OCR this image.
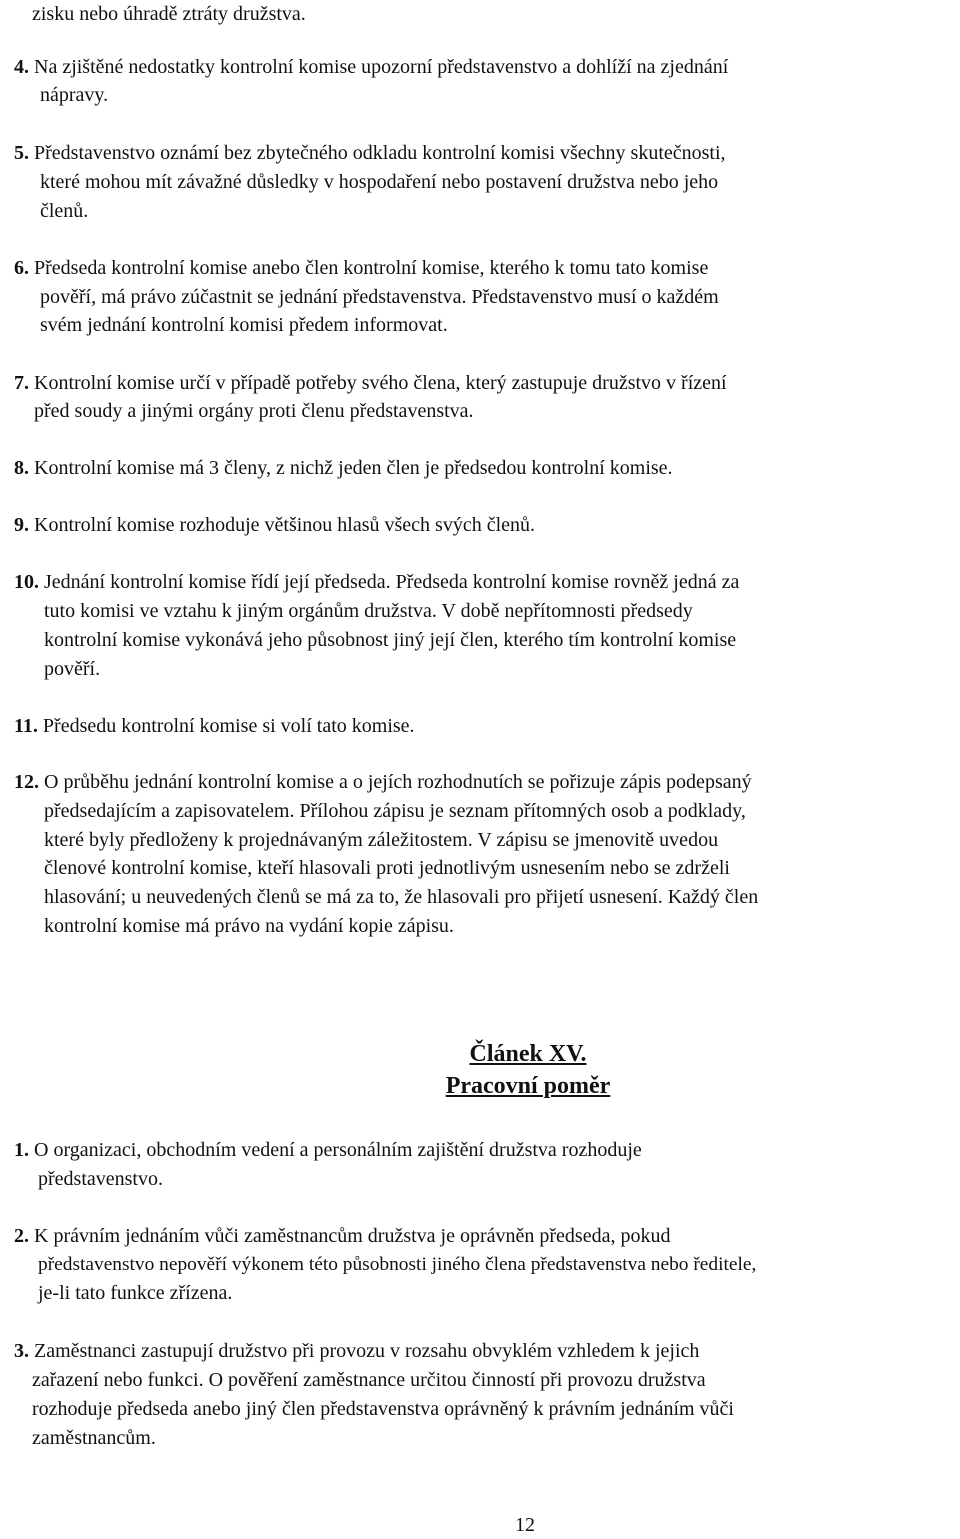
zisku nebo úhradě ztráty družstva.
4. Na zjištěné nedostatky kontrolní komise upozorní představenstvo a dohlíží na zjednání
nápravy.
5. Představenstvo oznámí bez zbytečného odkladu kontrolní komisi všechny skutečnosti,
které mohou mít závažné důsledky v hospodaření nebo postavení družstva nebo jeho
členů.
6. Předseda kontrolní komise anebo člen kontrolní komise, kterého k tomu tato komise
pověří, má právo zúčastnit se jednání představenstva. Představenstvo musí o každém
svém jednání kontrolní komisi předem informovat.
7. Kontrolní komise určí v případě potřeby svého člena, který zastupuje družstvo v řízení
před soudy a jinými orgány proti členu představenstva.
8. Kontrolní komise má 3 členy, z nichž jeden člen je předsedou kontrolní komise.
9. Kontrolní komise rozhoduje většinou hlasů všech svých členů.
10. Jednání kontrolní komise řídí její předseda. Předseda kontrolní komise rovněž jedná za
tuto komisi ve vztahu k jiným orgánům družstva. V době nepřítomnosti předsedy
kontrolní komise vykonává jeho působnost jiný její člen, kterého tím kontrolní komise
pověří.
11. Předsedu kontrolní komise si volí tato komise.
12. O průběhu jednání kontrolní komise a o jejích rozhodnutích se pořizuje zápis podepsaný
předsedajícím a zapisovatelem. Přílohou zápisu je seznam přítomných osob a podklady,
které byly předloženy k projednávaným záležitostem. V zápisu se jmenovitě uvedou
členové kontrolní komise, kteří hlasovali proti jednotlivým usnesením nebo se zdrželi
hlasování; u neuvedených členů se má za to, že hlasovali pro přijetí usnesení. Každý člen
kontrolní komise má právo na vydání kopie zápisu.
Článek XV.
Pracovní poměr
1. O organizaci, obchodním vedení a personálním zajištění družstva rozhoduje
představenstvo.
2. K právním jednáním vůči zaměstnancům družstva je oprávněn předseda, pokud
představenstvo nepověří výkonem této působnosti jiného člena představenstva nebo ředitele,
je-li tato funkce zřízena.
3. Zaměstnanci zastupují družstvo při provozu v rozsahu obvyklém vzhledem k jejich
zařazení nebo funkci. O pověření zaměstnance určitou činností při provozu družstva
rozhoduje předseda anebo jiný člen představenstva oprávněný k právním jednáním vůči
zaměstnancům.
12
